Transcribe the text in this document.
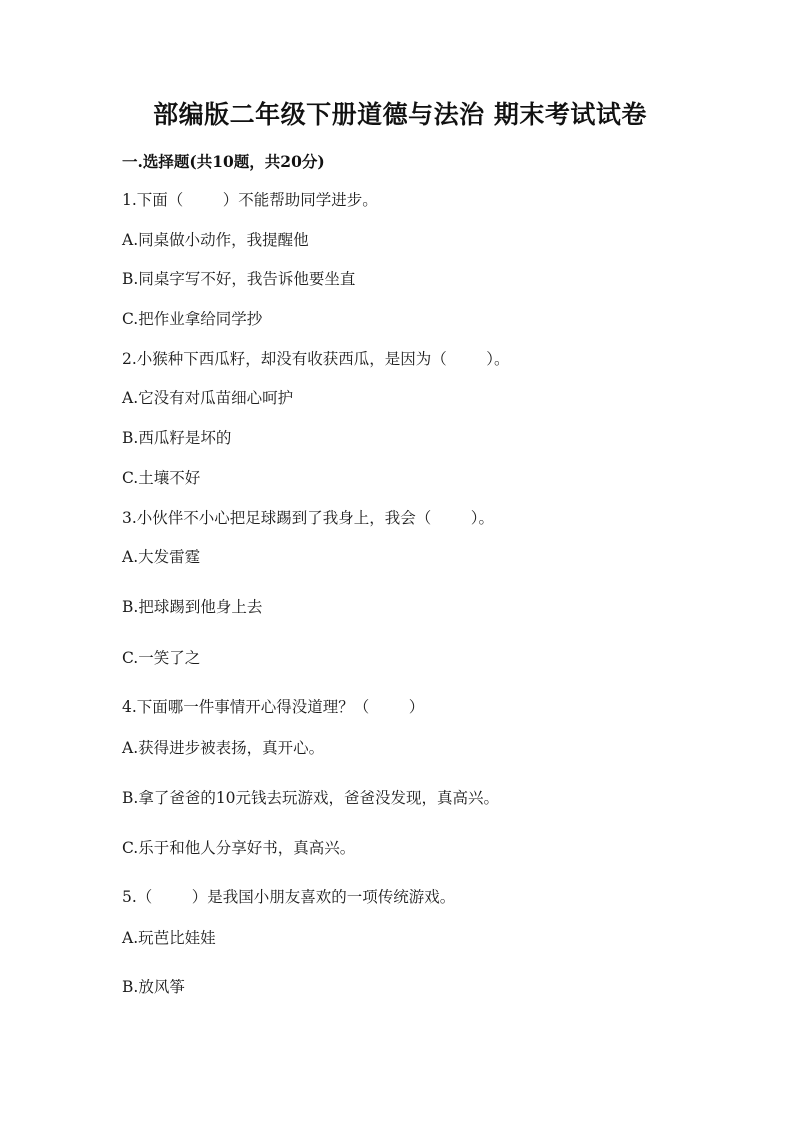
部编版二年级下册道德与法治 期末考试试卷
一.选择题(共10题，共20分)
1.下面（        ）不能帮助同学进步。
A.同桌做小动作，我提醒他
B.同桌字写不好，我告诉他要坐直
C.把作业拿给同学抄
2.小猴种下西瓜籽，却没有收获西瓜，是因为（        ）。
A.它没有对瓜苗细心呵护
B.西瓜籽是坏的
C.土壤不好
3.小伙伴不小心把足球踢到了我身上，我会（        ）。
A.大发雷霆
B.把球踢到他身上去
C.一笑了之
4.下面哪一件事情开心得没道理？（        ）
A.获得进步被表扬，真开心。
B.拿了爸爸的10元钱去玩游戏，爸爸没发现，真高兴。
C.乐于和他人分享好书，真高兴。
5.（        ）是我国小朋友喜欢的一项传统游戏。
A.玩芭比娃娃
B.放风筝
